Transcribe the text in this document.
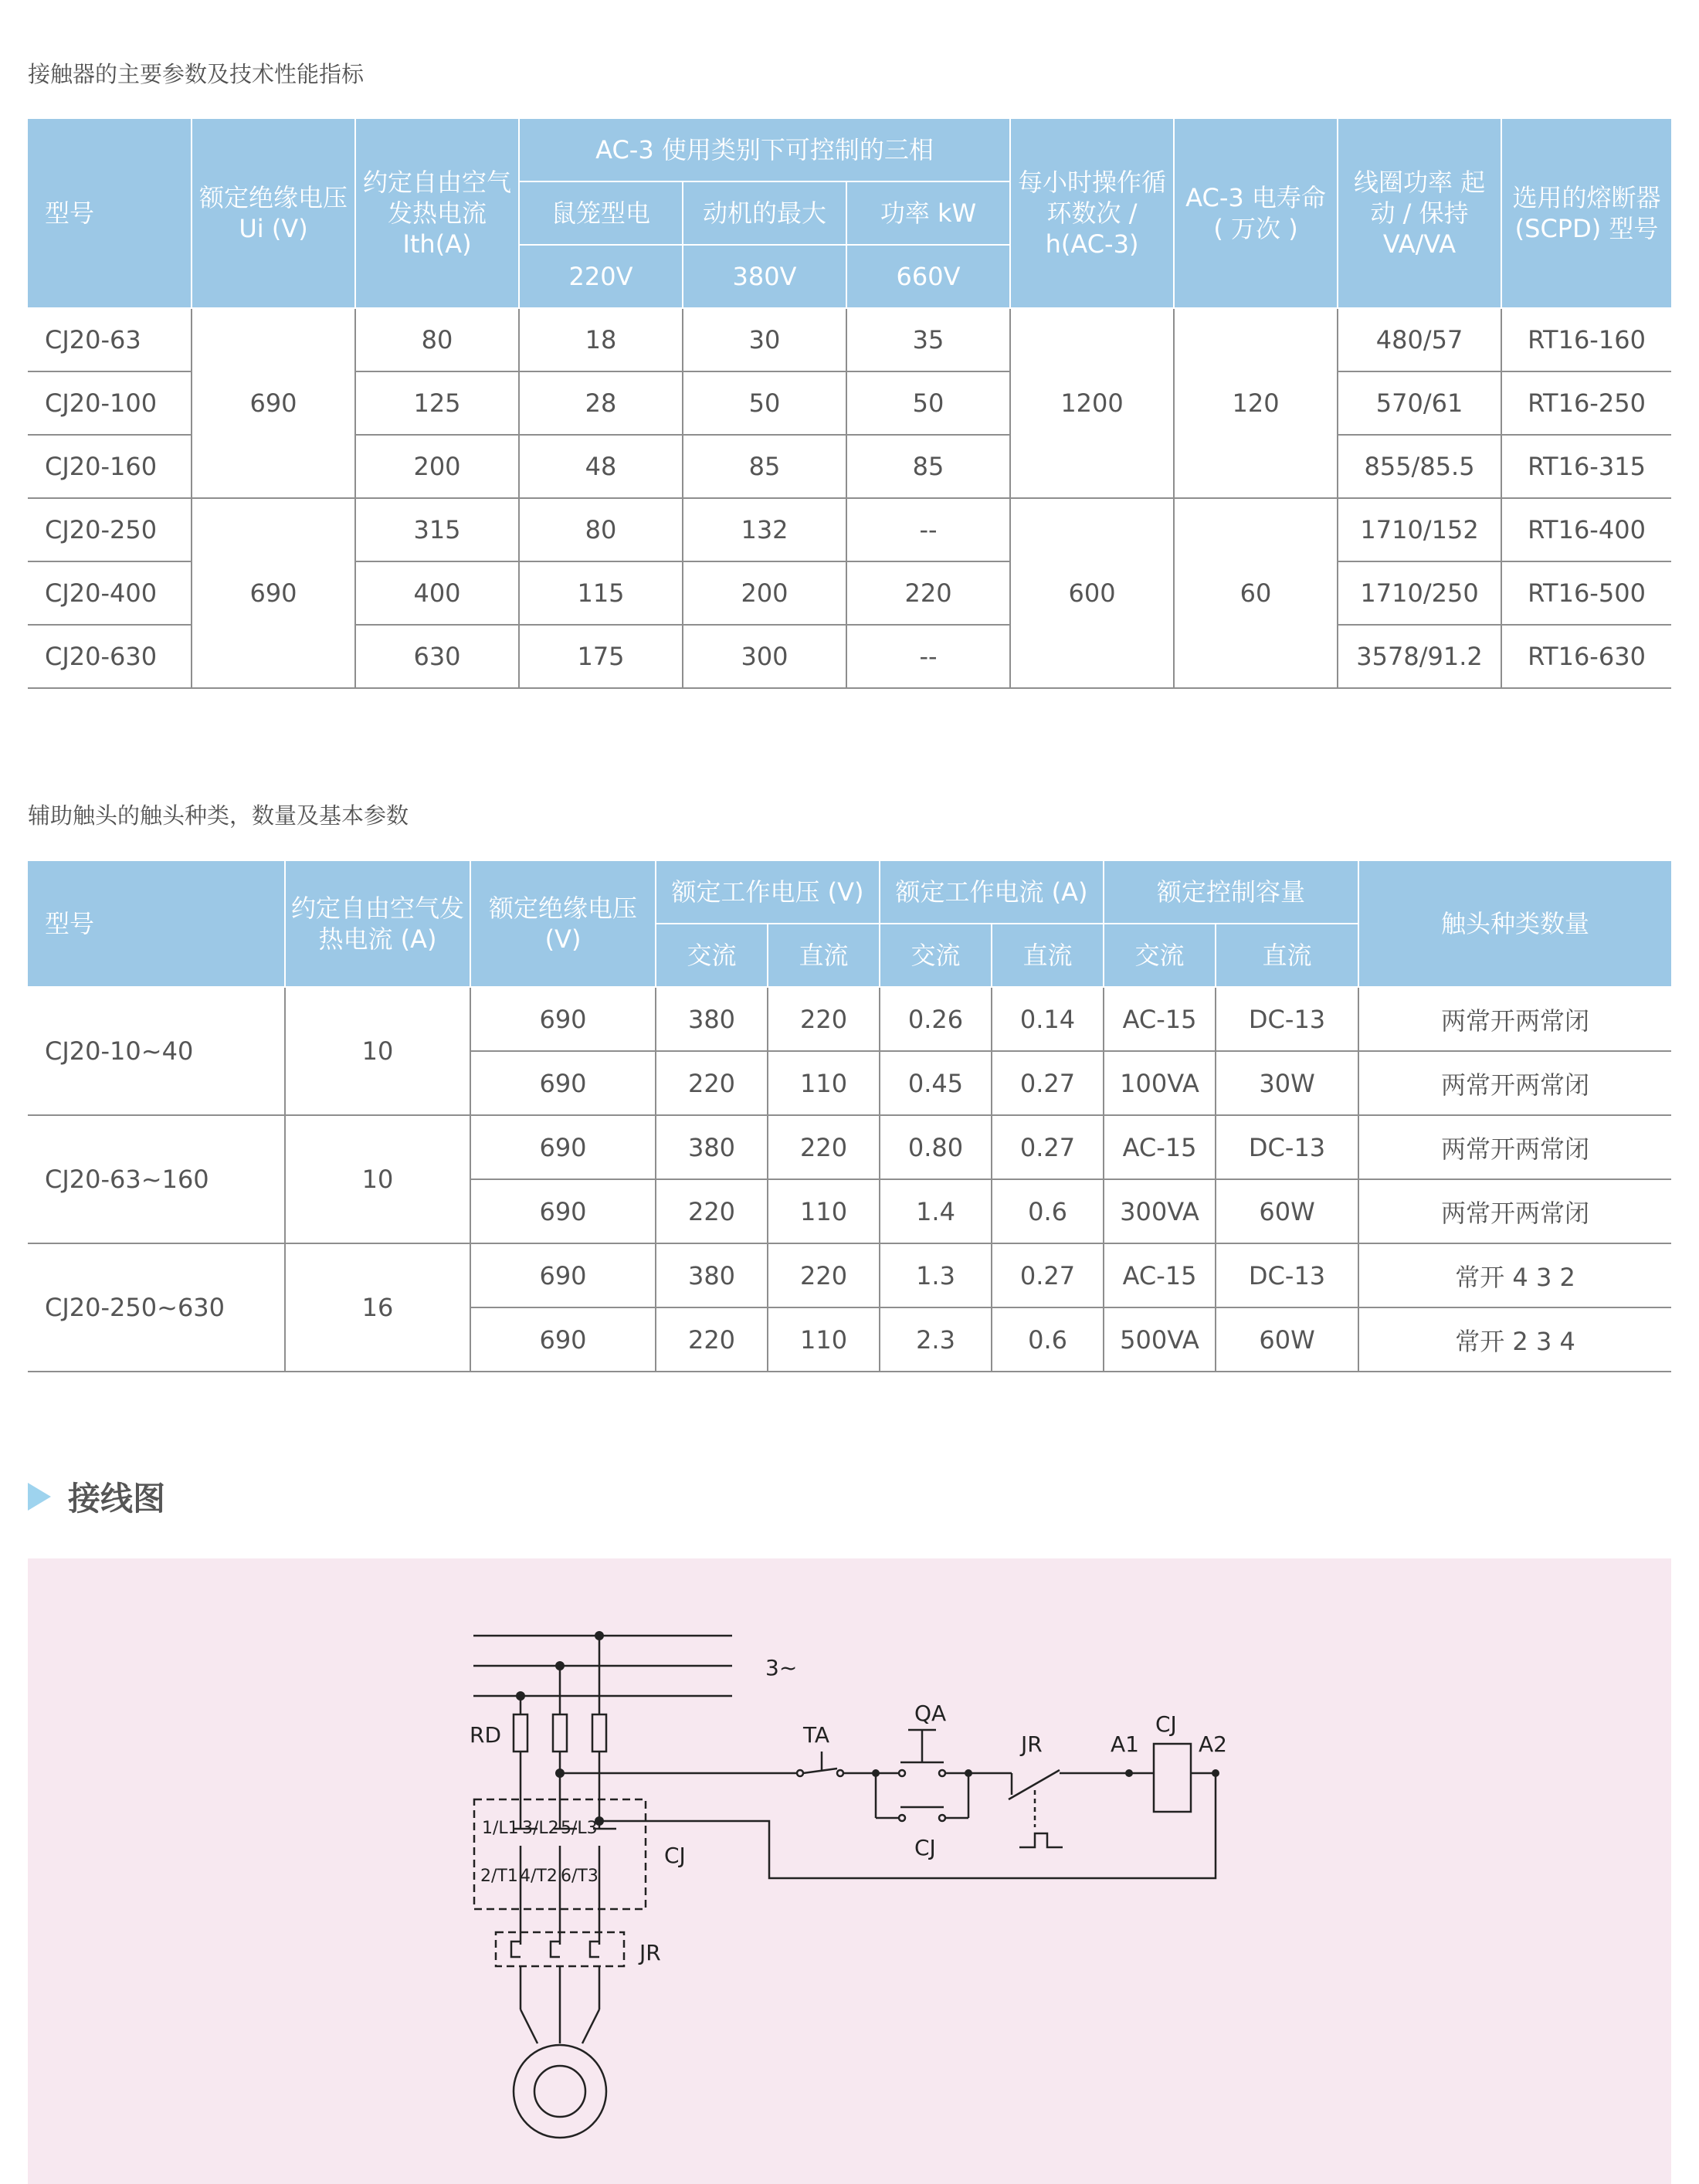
接触器的主要参数及技术性能指标
型号	额定绝缘电压 Ui (V)	约定自由空气发热电流 Ith(A)	AC-3 使用类别下可控制的三相			每小时操作循环数次 / h(AC-3)	AC-3 电寿命 ( 万次 )	线圈功率 起动 / 保持 VA/VA	选用的熔断器 (SCPD) 型号
			鼠笼型电	动机的最大	功率 kW				
			220V	380V	660V				
CJ20-63	690	80	18	30	35	1200	120	480/57	RT16-160
CJ20-100		125	28	50	50			570/61	RT16-250
CJ20-160		200	48	85	85			855/85.5	RT16-315
CJ20-250	690	315	80	132	--	600	60	1710/152	RT16-400
CJ20-400		400	115	200	220			1710/250	RT16-500
CJ20-630		630	175	300	--			3578/91.2	RT16-630
辅助触头的触头种类，数量及基本参数
型号	约定自由空气发热电流 (A)	额定绝缘电压 (V)	额定工作电压 (V)		额定工作电流 (A)		额定控制容量		触头种类数量
			交流	直流	交流	直流	交流	直流	
CJ20-10~40	10	690	380	220	0.26	0.14	AC-15	DC-13	两常开两常闭
		690	220	110	0.45	0.27	100VA	30W	两常开两常闭
CJ20-63~160	10	690	380	220	0.80	0.27	AC-15	DC-13	两常开两常闭
		690	220	110	1.4	0.6	300VA	60W	两常开两常闭
CJ20-250~630	16	690	380	220	1.3	0.27	AC-15	DC-13	常开 4 3 2
		690	220	110	2.3	0.6	500VA	60W	常开 2 3 4
接线图
3~
RD	TA
QA
CJ
JR	A1
CJ
A2
CJ
1/L1 3/L2 5/L3
2/T1 4/T2 6/T3
JR
